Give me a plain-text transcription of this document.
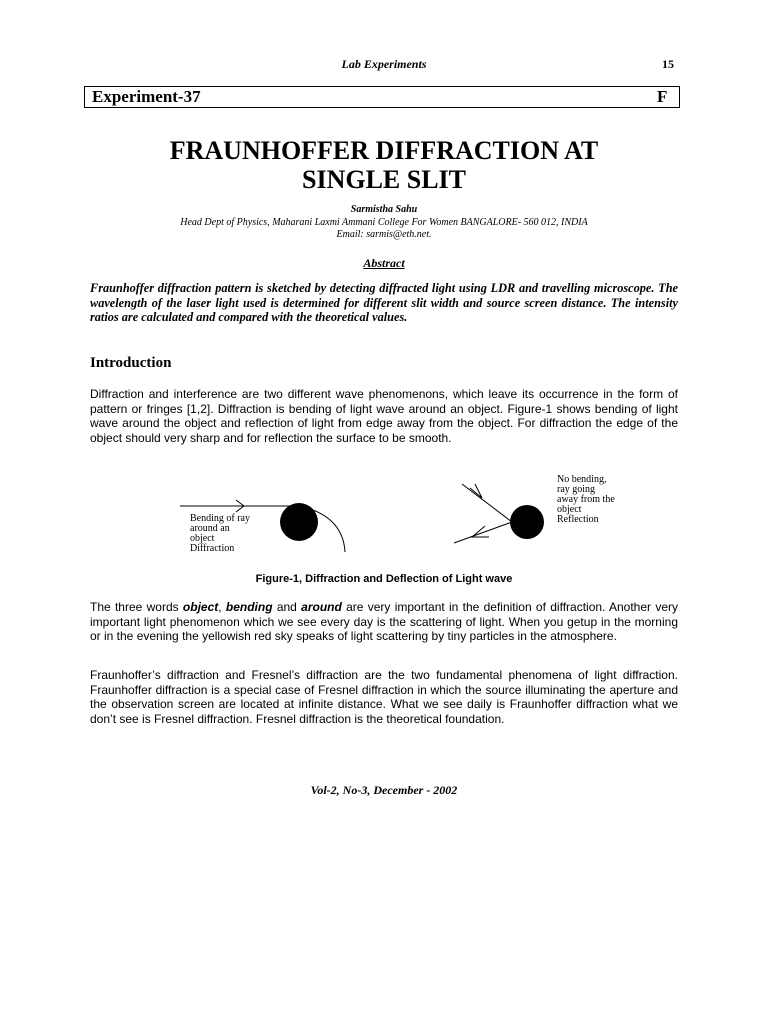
Lab Experiments	15
Experiment-37	F
FRAUNHOFFER DIFFRACTION AT
SINGLE SLIT
Sarmistha Sahu
Head Dept of Physics, Maharani Laxmi Ammani College For Women BANGALORE- 560 012, INDIA
Email: sarmis@eth.net.
Abstract
Fraunhoffer diffraction pattern is sketched by detecting diffracted light using LDR and travelling microscope. The wavelength of the laser light used is determined for different slit width and source screen distance. The intensity ratios are calculated and compared with the theoretical values.
Introduction
Diffraction and interference are two different wave phenomenons, which leave its occurrence in the form of pattern or fringes [1,2]. Diffraction is bending of light wave around an object. Figure-1 shows bending of light wave around the object and reflection of light from edge away from the object. For diffraction the edge of the object should very sharp and for reflection the surface to be smooth.
Bending of ray
around an
object
Diffraction
No bending,
ray going
away from the
object
Reflection
Figure-1, Diffraction and Deflection of Light wave
The three words object, bending and around are very important in the definition of diffraction. Another very important light phenomenon which we see every day is the scattering of light. When you getup in the morning or in the evening the yellowish red sky speaks of light scattering by tiny particles in the atmosphere.
Fraunhoffer’s diffraction and Fresnel’s diffraction are the two fundamental phenomena of light diffraction. Fraunhoffer diffraction is a special case of Fresnel diffraction in which the source illuminating the aperture and the observation screen are located at infinite distance. What we see daily is Fraunhoffer diffraction what we don’t see is Fresnel diffraction. Fresnel diffraction is the theoretical foundation.
Vol-2, No-3, December - 2002
